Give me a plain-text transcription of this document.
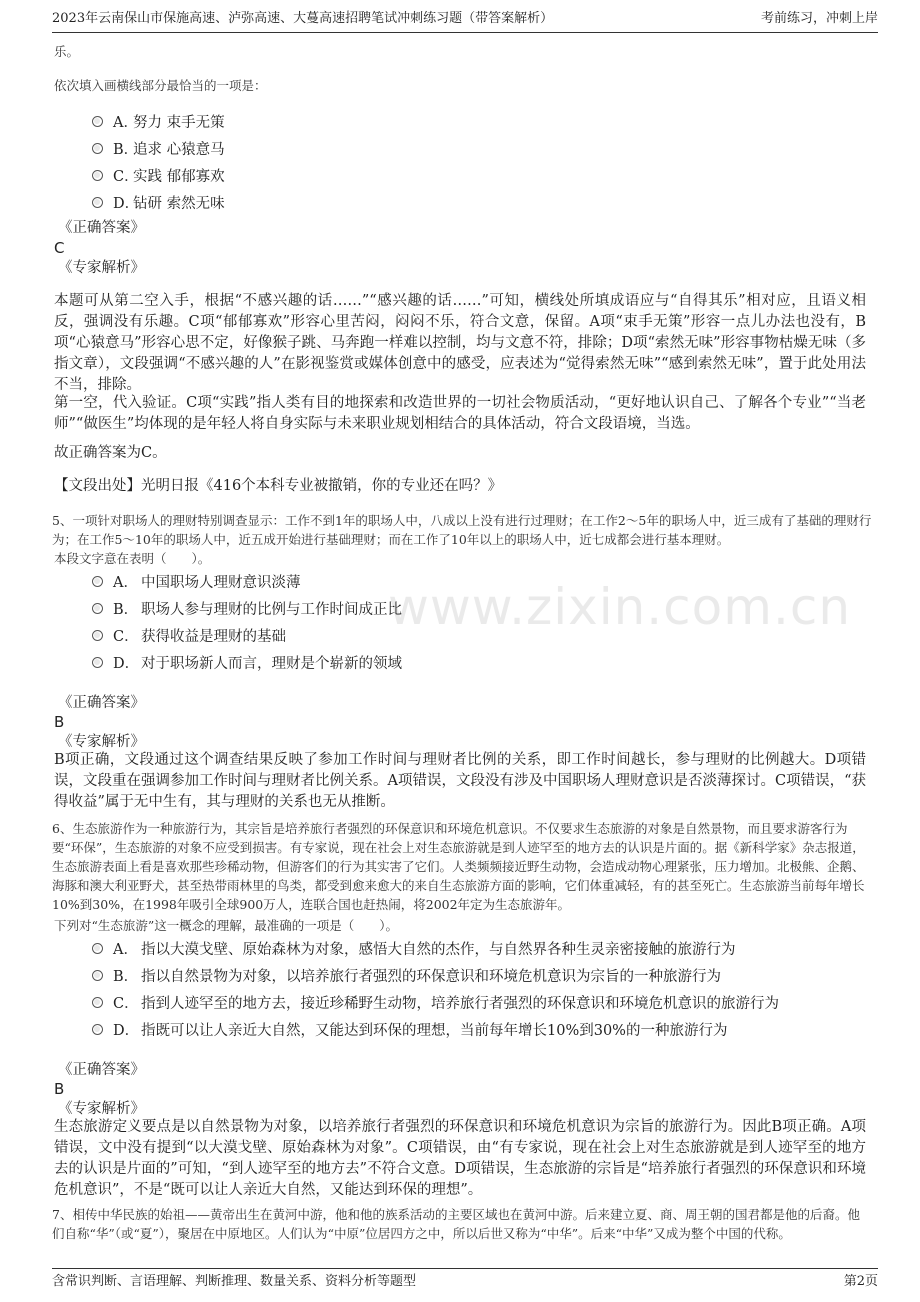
2023年云南保山市保施高速、泸弥高速、大蔓高速招聘笔试冲刺练习题（带答案解析）	考前练习，冲刺上岸
www.zixin.com.cn
乐。
依次填入画横线部分最恰当的一项是：
A．
努力 束手无策
B．
追求 心猿意马
C．
实践 郁郁寡欢
D．
钻研 索然无味
《正确答案》
C
《专家解析》
本题可从第二空入手，根据“不感兴趣的话……”“感兴趣的话……”可知，横线处所填成语应与“自得其乐”相对应，且语义相反，强调没有乐趣。C项“郁郁寡欢”形容心里苦闷，闷闷不乐，符合文意，保留。A项“束手无策”形容一点儿办法也没有，B项“心猿意马”形容心思不定，好像猴子跳、马奔跑一样难以控制，均与文意不符，排除；D项“索然无味”形容事物枯燥无味（多指文章），文段强调“不感兴趣的人”在影视鉴赏或媒体创意中的感受，应表述为“觉得索然无味”“感到索然无味”，置于此处用法不当，排除。
第一空，代入验证。C项“实践”指人类有目的地探索和改造世界的一切社会物质活动，“更好地认识自己、了解各个专业”“当老师”“做医生”均体现的是年轻人将自身实际与未来职业规划相结合的具体活动，符合文段语境，当选。
故正确答案为C。
【文段出处】光明日报《416个本科专业被撤销，你的专业还在吗？》
5、一项针对职场人的理财特别调查显示：工作不到1年的职场人中，八成以上没有进行过理财；在工作2～5年的职场人中，近三成有了基础的理财行为；在工作5～10年的职场人中，近五成开始进行基础理财；而在工作了10年以上的职场人中，近七成都会进行基本理财。
本段文字意在表明（　　）。
A． 中国职场人理财意识淡薄
B． 职场人参与理财的比例与工作时间成正比
C． 获得收益是理财的基础
D． 对于职场新人而言，理财是个崭新的领域
《正确答案》
B
《专家解析》
B项正确，文段通过这个调查结果反映了参加工作时间与理财者比例的关系，即工作时间越长，参与理财的比例越大。D项错误，文段重在强调参加工作时间与理财者比例关系。A项错误，文段没有涉及中国职场人理财意识是否淡薄探讨。C项错误，“获得收益”属于无中生有，其与理财的关系也无从推断。
6、生态旅游作为一种旅游行为，其宗旨是培养旅行者强烈的环保意识和环境危机意识。不仅要求生态旅游的对象是自然景物，而且要求游客行为要“环保”，生态旅游的对象不应受到损害。有专家说，现在社会上对生态旅游就是到人迹罕至的地方去的认识是片面的。据《新科学家》杂志报道，生态旅游表面上看是喜欢那些珍稀动物，但游客们的行为其实害了它们。人类频频接近野生动物，会造成动物心理紧张，压力增加。北极熊、企鹅、海豚和澳大利亚野犬，甚至热带雨林里的鸟类，都受到愈来愈大的来自生态旅游方面的影响，它们体重减轻，有的甚至死亡。生态旅游当前每年增长10%到30%，在1998年吸引全球900万人，连联合国也赶热闹，将2002年定为生态旅游年。
下列对“生态旅游”这一概念的理解，最准确的一项是（　　）。
A． 指以大漠戈壁、原始森林为对象，感悟大自然的杰作，与自然界各种生灵亲密接触的旅游行为
B． 指以自然景物为对象，以培养旅行者强烈的环保意识和环境危机意识为宗旨的一种旅游行为
C． 指到人迹罕至的地方去，接近珍稀野生动物，培养旅行者强烈的环保意识和环境危机意识的旅游行为
D． 指既可以让人亲近大自然，又能达到环保的理想，当前每年增长10%到30%的一种旅游行为
《正确答案》
B
《专家解析》
生态旅游定义要点是以自然景物为对象，以培养旅行者强烈的环保意识和环境危机意识为宗旨的旅游行为。因此B项正确。A项错误，文中没有提到“以大漠戈壁、原始森林为对象”。C项错误，由“有专家说，现在社会上对生态旅游就是到人迹罕至的地方去的认识是片面的”可知，“到人迹罕至的地方去”不符合文意。D项错误，生态旅游的宗旨是“培养旅行者强烈的环保意识和环境危机意识”，不是“既可以让人亲近大自然，又能达到环保的理想”。
7、相传中华民族的始祖——黄帝出生在黄河中游，他和他的族系活动的主要区域也在黄河中游。后来建立夏、商、周王朝的国君都是他的后裔。他们自称“华”（或“夏”），聚居在中原地区。人们认为“中原”位居四方之中，所以后世又称为“中华”。后来“中华”又成为整个中国的代称。
含常识判断、言语理解、判断推理、数量关系、资料分析等题型	第2页
